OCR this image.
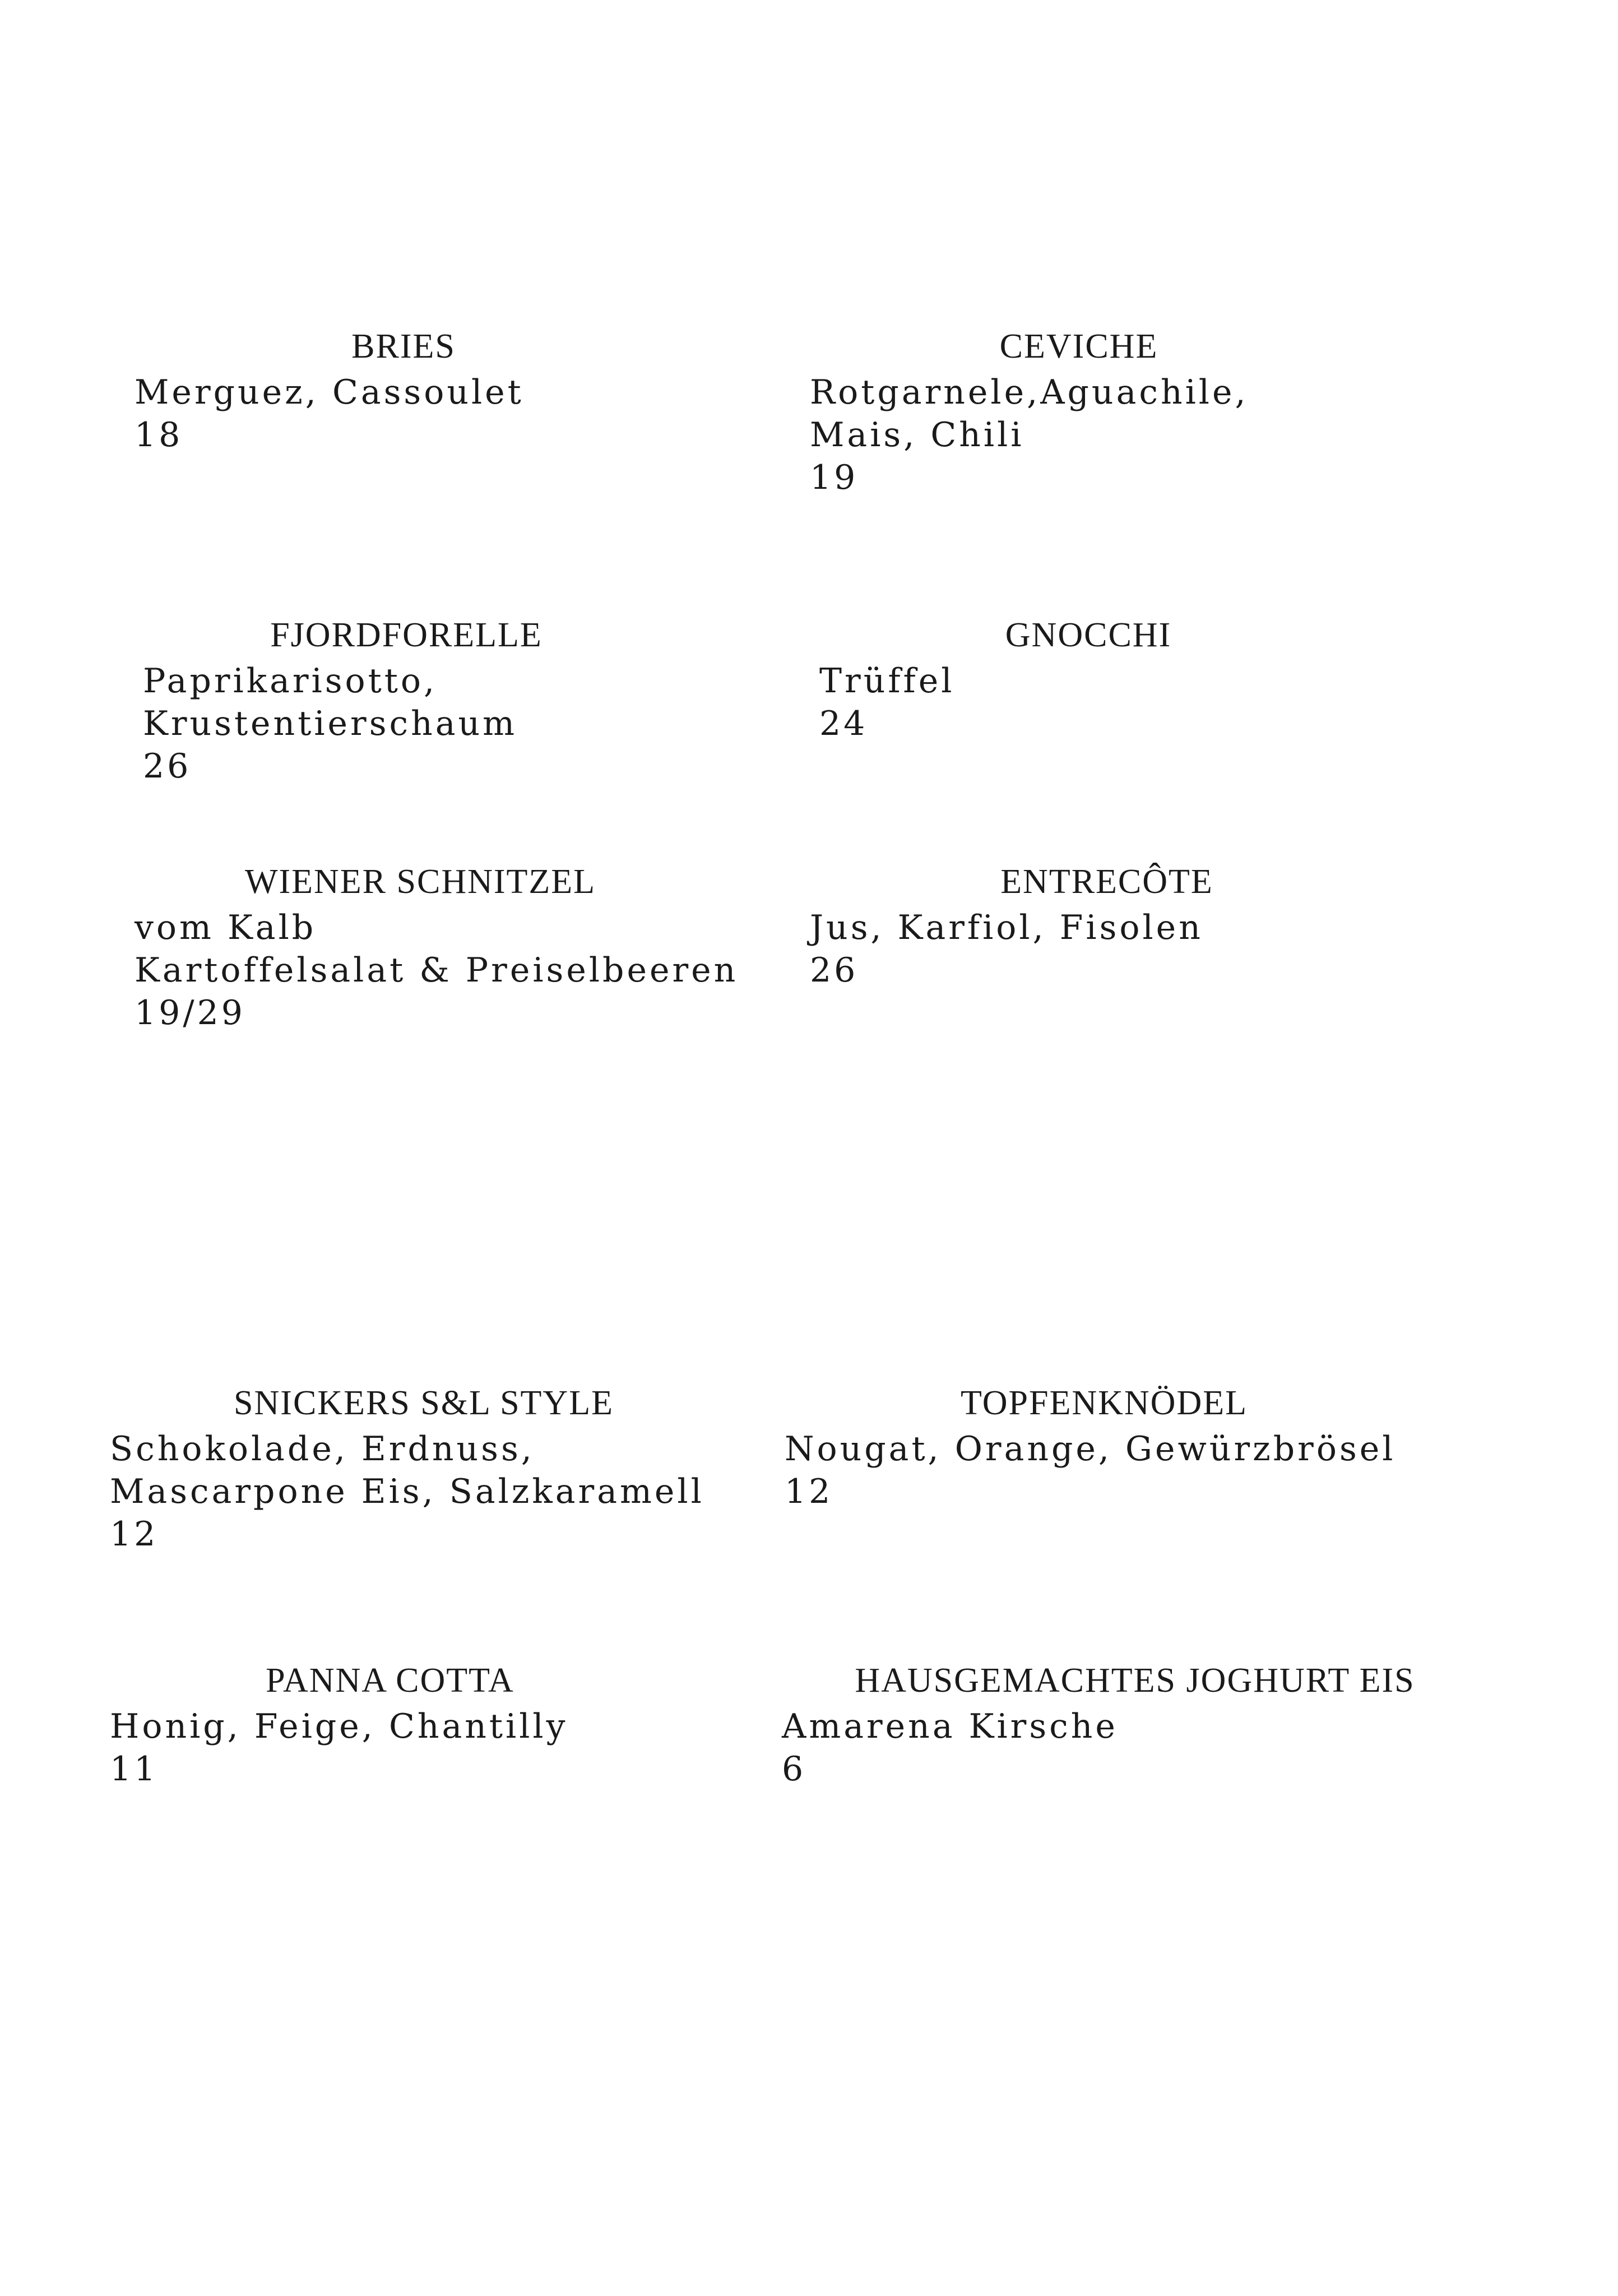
BRIES
Merguez, Cassoulet
18
CEVICHE
Rotgarnele,Aguachile,
Mais, Chili
19
FJORDFORELLE
Paprikarisotto,
Krustentierschaum
26
GNOCCHI
Trüffel
24
WIENER SCHNITZEL
vom Kalb
Kartoffelsalat & Preiselbeeren
19/29
ENTRECÔTE
Jus, Karfiol, Fisolen
26
SNICKERS S&L STYLE
Schokolade, Erdnuss,
Mascarpone Eis, Salzkaramell
12
TOPFENKNÖDEL
Nougat, Orange, Gewürzbrösel
12
PANNA COTTA
Honig, Feige, Chantilly
11
HAUSGEMACHTES JOGHURT EIS
Amarena Kirsche
6
